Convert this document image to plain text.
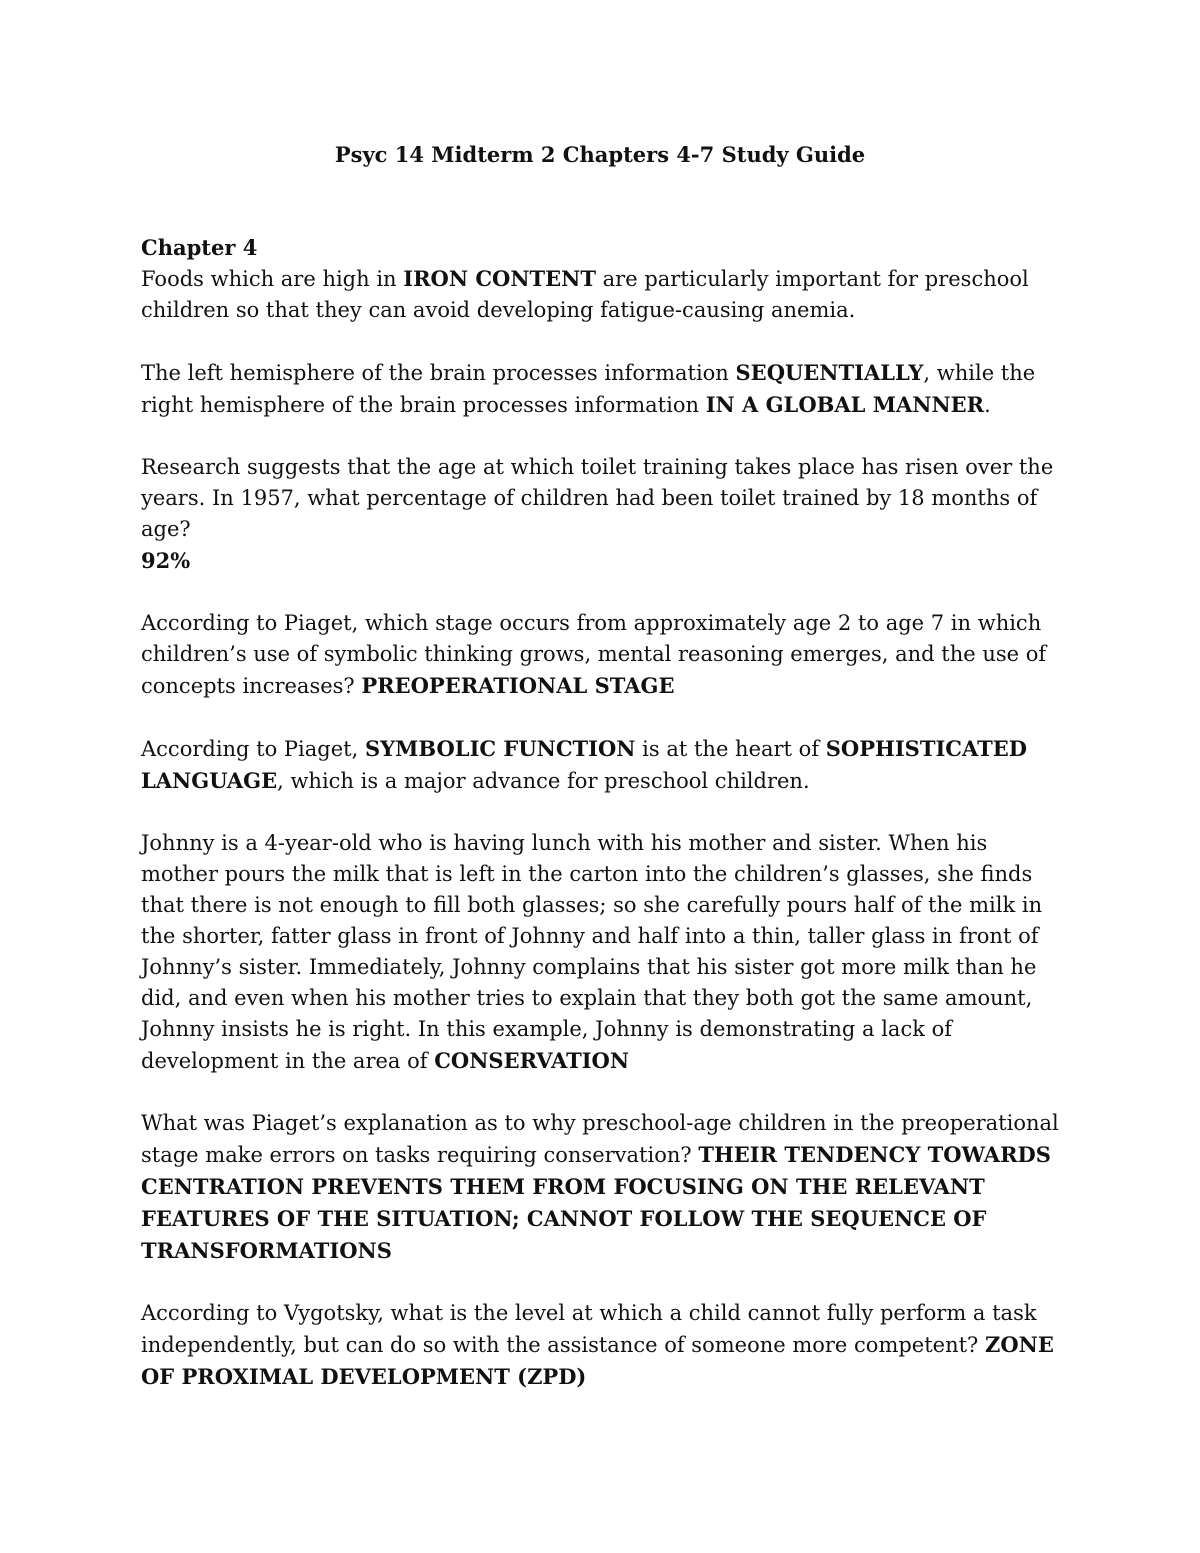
Psyc 14 Midterm 2 Chapters 4-7 Study Guide

Chapter 4

Foods which are high in IRON CONTENT are particularly important for preschool children so that they can avoid developing fatigue-causing anemia.

The left hemisphere of the brain processes information SEQUENTIALLY, while the right hemisphere of the brain processes information IN A GLOBAL MANNER.

Research suggests that the age at which toilet training takes place has risen over the years. In 1957, what percentage of children had been toilet trained by 18 months of age?
92%

According to Piaget, which stage occurs from approximately age 2 to age 7 in which children’s use of symbolic thinking grows, mental reasoning emerges, and the use of concepts increases? PREOPERATIONAL STAGE

According to Piaget, SYMBOLIC FUNCTION is at the heart of SOPHISTICATED LANGUAGE, which is a major advance for preschool children.

Johnny is a 4-year-old who is having lunch with his mother and sister. When his mother pours the milk that is left in the carton into the children’s glasses, she finds that there is not enough to fill both glasses; so she carefully pours half of the milk in the shorter, fatter glass in front of Johnny and half into a thin, taller glass in front of Johnny’s sister. Immediately, Johnny complains that his sister got more milk than he did, and even when his mother tries to explain that they both got the same amount, Johnny insists he is right. In this example, Johnny is demonstrating a lack of development in the area of CONSERVATION

What was Piaget’s explanation as to why preschool-age children in the preoperational stage make errors on tasks requiring conservation? THEIR TENDENCY TOWARDS CENTRATION PREVENTS THEM FROM FOCUSING ON THE RELEVANT FEATURES OF THE SITUATION; CANNOT FOLLOW THE SEQUENCE OF TRANSFORMATIONS

According to Vygotsky, what is the level at which a child cannot fully perform a task independently, but can do so with the assistance of someone more competent? ZONE OF PROXIMAL DEVELOPMENT (ZPD)
